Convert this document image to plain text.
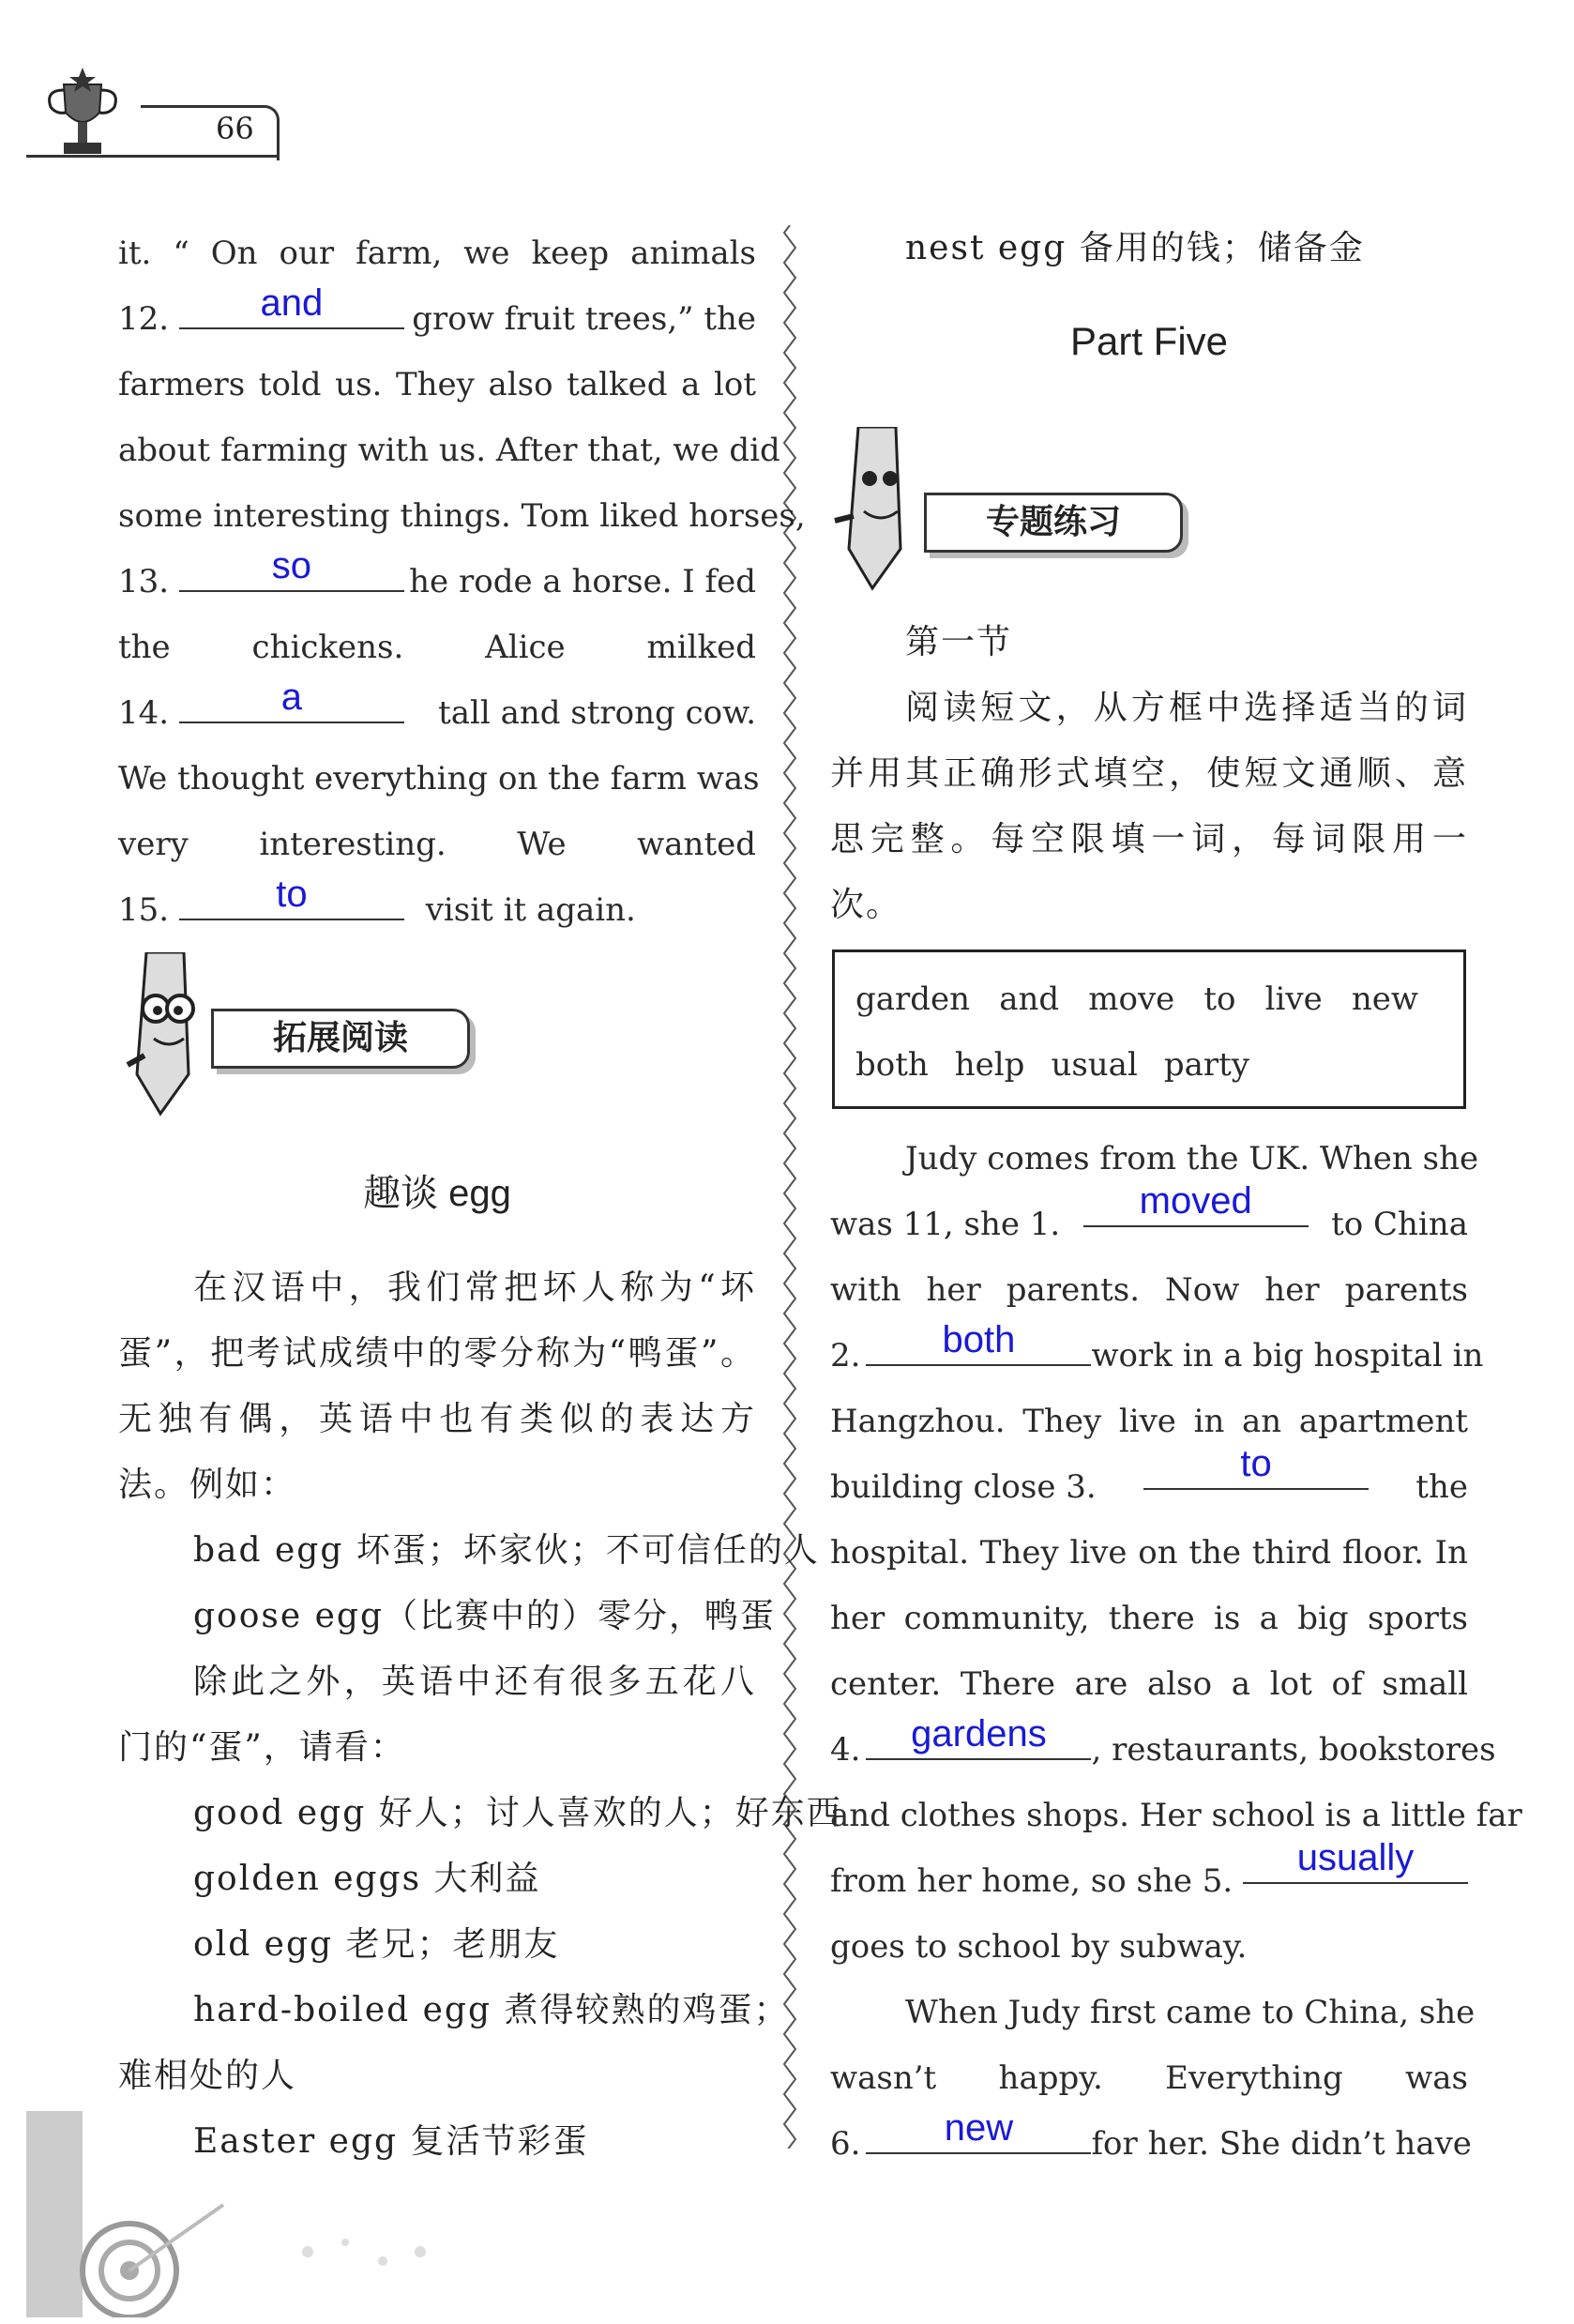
66
it. “ On our farm, we keep animals
12.	and	grow fruit trees,” the
farmers told us. They also talked a lot
about farming with us. After that, we did
some interesting things. Tom liked horses,
13.	so	he rode a horse. I fed
the chickens. Alice milked
14.	a	tall and strong cow.
We thought everything on the farm was
very interesting. We wanted
15.	to	visit it again.
拓展阅读
趣谈 egg
在汉语中，我们常把坏人称为“坏
蛋”，把考试成绩中的零分称为“鸭蛋”。
无独有偶，英语中也有类似的表达方
法。例如：
bad egg 坏蛋；坏家伙；不可信任的人
goose egg（比赛中的）零分，鸭蛋
除此之外，英语中还有很多五花八
门的“蛋”，请看：
good egg 好人；讨人喜欢的人；好东西
golden eggs 大利益
old egg 老兄；老朋友
hard-boiled egg 煮得较熟的鸡蛋；
难相处的人
Easter egg 复活节彩蛋
nest egg 备用的钱；储备金
Part Five
专题练习
第一节
阅读短文，从方框中选择适当的词
并用其正确形式填空，使短文通顺、意
思完整。每空限填一词，每词限用一
次。
garden and move to live new
both help usual party
Judy comes from the UK. When she
was 11, she 1.
moved
to China
with her parents. Now her parents
2.	both	work in a big hospital in
Hangzhou. They live in an apartment
building close 3.
to
the
hospital. They live on the third floor. In
her community, there is a big sports
center. There are also a lot of small
4.	gardens	, restaurants, bookstores
and clothes shops. Her school is a little far
from her home, so she 5.
usually
goes to school by subway.
When Judy first came to China, she
wasn’t happy. Everything was
6.	new	for her. She didn’t have
